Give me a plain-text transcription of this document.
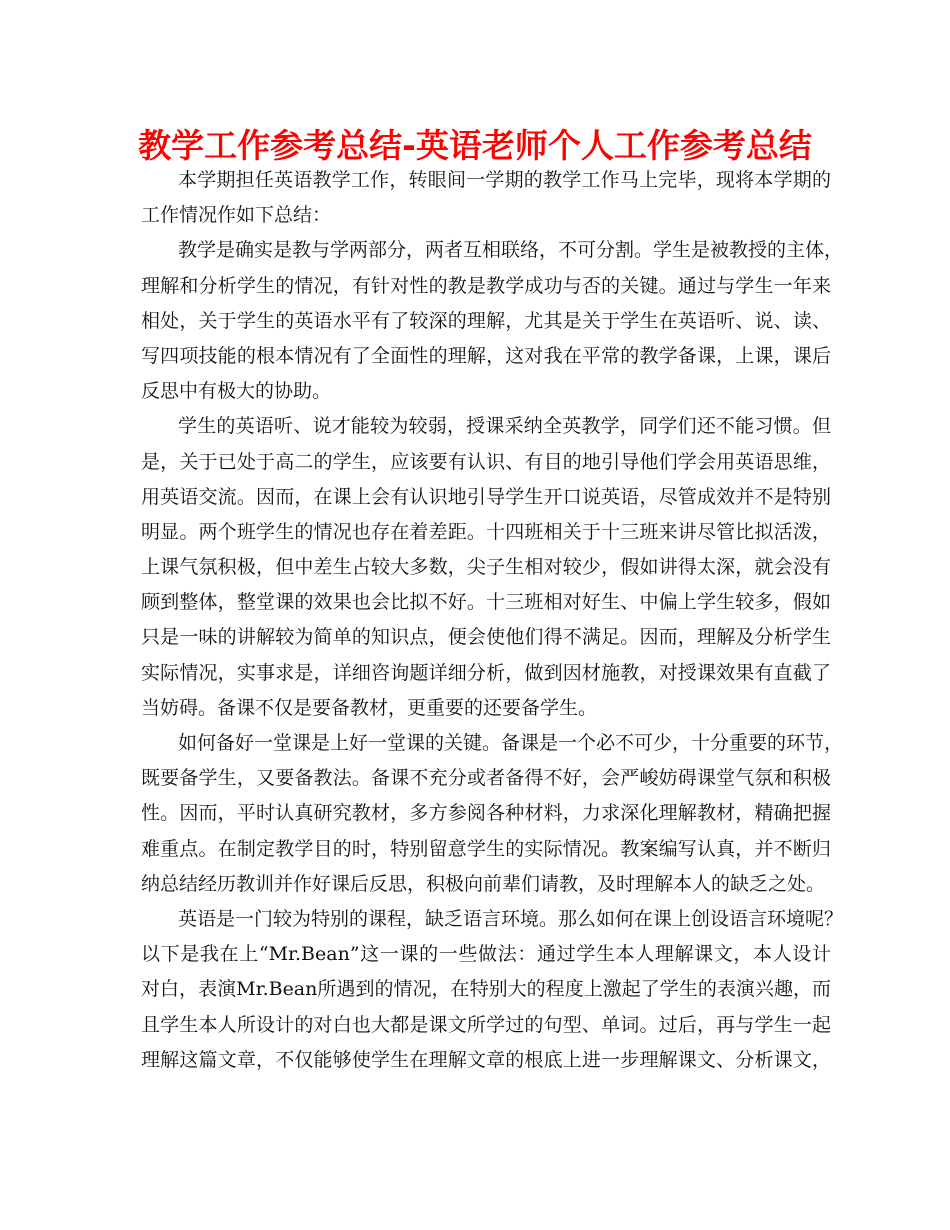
教学工作参考总结-英语老师个人工作参考总结
本学期担任英语教学工作，转眼间一学期的教学工作马上完毕，现将本学期的
工作情况作如下总结：
教学是确实是教与学两部分，两者互相联络，不可分割。学生是被教授的主体，
理解和分析学生的情况，有针对性的教是教学成功与否的关键。通过与学生一年来
相处，关于学生的英语水平有了较深的理解，尤其是关于学生在英语听、说、读、
写四项技能的根本情况有了全面性的理解，这对我在平常的教学备课，上课，课后
反思中有极大的协助。
学生的英语听、说才能较为较弱，授课采纳全英教学，同学们还不能习惯。但
是，关于已处于高二的学生，应该要有认识、有目的地引导他们学会用英语思维，
用英语交流。因而，在课上会有认识地引导学生开口说英语，尽管成效并不是特别
明显。两个班学生的情况也存在着差距。十四班相关于十三班来讲尽管比拟活泼，
上课气氛积极，但中差生占较大多数，尖子生相对较少，假如讲得太深，就会没有
顾到整体，整堂课的效果也会比拟不好。十三班相对好生、中偏上学生较多，假如
只是一味的讲解较为简单的知识点，便会使他们得不满足。因而，理解及分析学生
实际情况，实事求是，详细咨询题详细分析，做到因材施教，对授课效果有直截了
当妨碍。备课不仅是要备教材，更重要的还要备学生。
如何备好一堂课是上好一堂课的关键。备课是一个必不可少，十分重要的环节，
既要备学生，又要备教法。备课不充分或者备得不好，会严峻妨碍课堂气氛和积极
性。因而，平时认真研究教材，多方参阅各种材料，力求深化理解教材，精确把握
难重点。在制定教学目的时，特别留意学生的实际情况。教案编写认真，并不断归
纳总结经历教训并作好课后反思，积极向前辈们请教，及时理解本人的缺乏之处。
英语是一门较为特别的课程，缺乏语言环境。那么如何在课上创设语言环境呢？
以下是我在上“Mr.Bean”这一课的一些做法：通过学生本人理解课文，本人设计
对白，表演Mr.Bean所遇到的情况，在特别大的程度上激起了学生的表演兴趣，而
且学生本人所设计的对白也大都是课文所学过的句型、单词。过后，再与学生一起
理解这篇文章，不仅能够使学生在理解文章的根底上进一步理解课文、分析课文，
